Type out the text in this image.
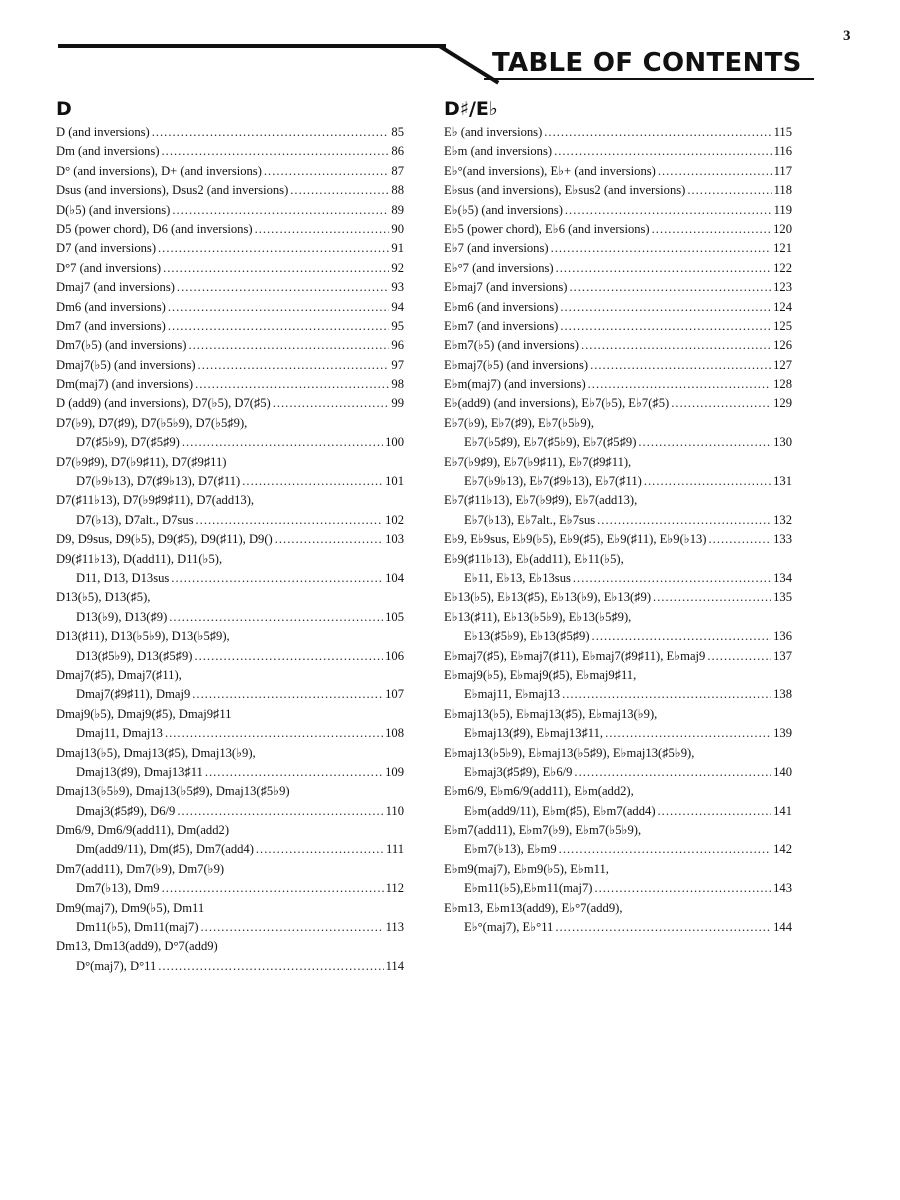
3
TABLE OF CONTENTS
D
D (and inversions) .....	85
Dm (and inversions) .....	86
D° (and inversions), D+ (and inversions) .....	87
Dsus (and inversions), Dsus2 (and inversions) .....	88
D(♭5) (and inversions) .....	89
D5 (power chord), D6 (and inversions) .....	90
D7 (and inversions) .....	91
D°7 (and inversions) .....	92
Dmaj7 (and inversions) .....	93
Dm6 (and inversions) .....	94
Dm7 (and inversions) .....	95
Dm7(♭5) (and inversions) .....	96
Dmaj7(♭5) (and inversions) .....	97
Dm(maj7) (and inversions) .....	98
D (add9) (and inversions), D7(♭5), D7(♯5) .....	99
D7(♭9), D7(♯9), D7(♭5♭9), D7(♭5♯9),
D7(♯5♭9), D7(♯5♯9) .....	100
D7(♭9♯9), D7(♭9♯11), D7(♯9♯11)
D7(♭9♭13), D7(♯9♭13), D7(♯11) .....	101
D7(♯11♭13), D7(♭9♯9♯11), D7(add13),
D7(♭13), D7alt., D7sus .....	102
D9, D9sus, D9(♭5), D9(♯5), D9(♯11), D9() .....	103
D9(♯11♭13), D(add11), D11(♭5),
D11, D13, D13sus .....	104
D13(♭5), D13(♯5),
D13(♭9), D13(♯9) .....	105
D13(♯11), D13(♭5♭9), D13(♭5♯9),
D13(♯5♭9), D13(♯5♯9) .....	106
Dmaj7(♯5), Dmaj7(♯11),
Dmaj7(♯9♯11), Dmaj9 .....	107
Dmaj9(♭5), Dmaj9(♯5), Dmaj9♯11
Dmaj11, Dmaj13 .....	108
Dmaj13(♭5), Dmaj13(♯5), Dmaj13(♭9),
Dmaj13(♯9), Dmaj13♯11 .....	109
Dmaj13(♭5♭9), Dmaj13(♭5♯9), Dmaj13(♯5♭9)
Dmaj3(♯5♯9), D6/9 .....	110
Dm6/9, Dm6/9(add11), Dm(add2)
Dm(add9/11), Dm(♯5), Dm7(add4) .....	111
Dm7(add11), Dm7(♭9), Dm7(♭9)
Dm7(♭13), Dm9 .....	112
Dm9(maj7), Dm9(♭5), Dm11
Dm11(♭5), Dm11(maj7) .....	113
Dm13, Dm13(add9), D°7(add9)
D°(maj7), D°11 .....	114
D♯/E♭
E♭ (and inversions) .....	115
E♭m (and inversions) .....	116
E♭°(and inversions), E♭+ (and inversions) .....	117
E♭sus (and inversions), E♭sus2 (and inversions) .....	118
E♭(♭5) (and inversions) .....	119
E♭5 (power chord), E♭6 (and inversions) .....	120
E♭7 (and inversions) .....	121
E♭°7 (and inversions) .....	122
E♭maj7 (and inversions) .....	123
E♭m6 (and inversions) .....	124
E♭m7 (and inversions) .....	125
E♭m7(♭5) (and inversions) .....	126
E♭maj7(♭5) (and inversions) .....	127
E♭m(maj7) (and inversions) .....	128
E♭(add9) (and inversions), E♭7(♭5), E♭7(♯5) .....	129
E♭7(♭9), E♭7(♯9), E♭7(♭5♭9),
E♭7(♭5♯9), E♭7(♯5♭9), E♭7(♯5♯9) .....	130
E♭7(♭9♯9), E♭7(♭9♯11), E♭7(♯9♯11),
E♭7(♭9♭13), E♭7(♯9♭13), E♭7(♯11) .....	131
E♭7(♯11♭13), E♭7(♭9♯9), E♭7(add13),
E♭7(♭13), E♭7alt., E♭7sus .....	132
E♭9, E♭9sus, E♭9(♭5), E♭9(♯5), E♭9(♯11), E♭9(♭13) .....	133
E♭9(♯11♭13), E♭(add11), E♭11(♭5),
E♭11, E♭13, E♭13sus .....	134
E♭13(♭5), E♭13(♯5), E♭13(♭9), E♭13(♯9) .....	135
E♭13(♯11), E♭13(♭5♭9), E♭13(♭5♯9),
E♭13(♯5♭9), E♭13(♯5♯9) .....	136
E♭maj7(♯5), E♭maj7(♯11), E♭maj7(♯9♯11), E♭maj9 .....	137
E♭maj9(♭5), E♭maj9(♯5), E♭maj9♯11,
E♭maj11, E♭maj13 .....	138
E♭maj13(♭5), E♭maj13(♯5), E♭maj13(♭9),
E♭maj13(♯9), E♭maj13♯11, .....	139
E♭maj13(♭5♭9), E♭maj13(♭5♯9), E♭maj13(♯5♭9),
E♭maj3(♯5♯9), E♭6/9 .....	140
E♭m6/9, E♭m6/9(add11), E♭m(add2),
E♭m(add9/11), E♭m(♯5), E♭m7(add4) .....	141
E♭m7(add11), E♭m7(♭9), E♭m7(♭5♭9),
E♭m7(♭13), E♭m9 .....	142
E♭m9(maj7), E♭m9(♭5), E♭m11,
E♭m11(♭5),E♭m11(maj7) .....	143
E♭m13, E♭m13(add9), E♭°7(add9),
E♭°(maj7), E♭°11 .....	144
